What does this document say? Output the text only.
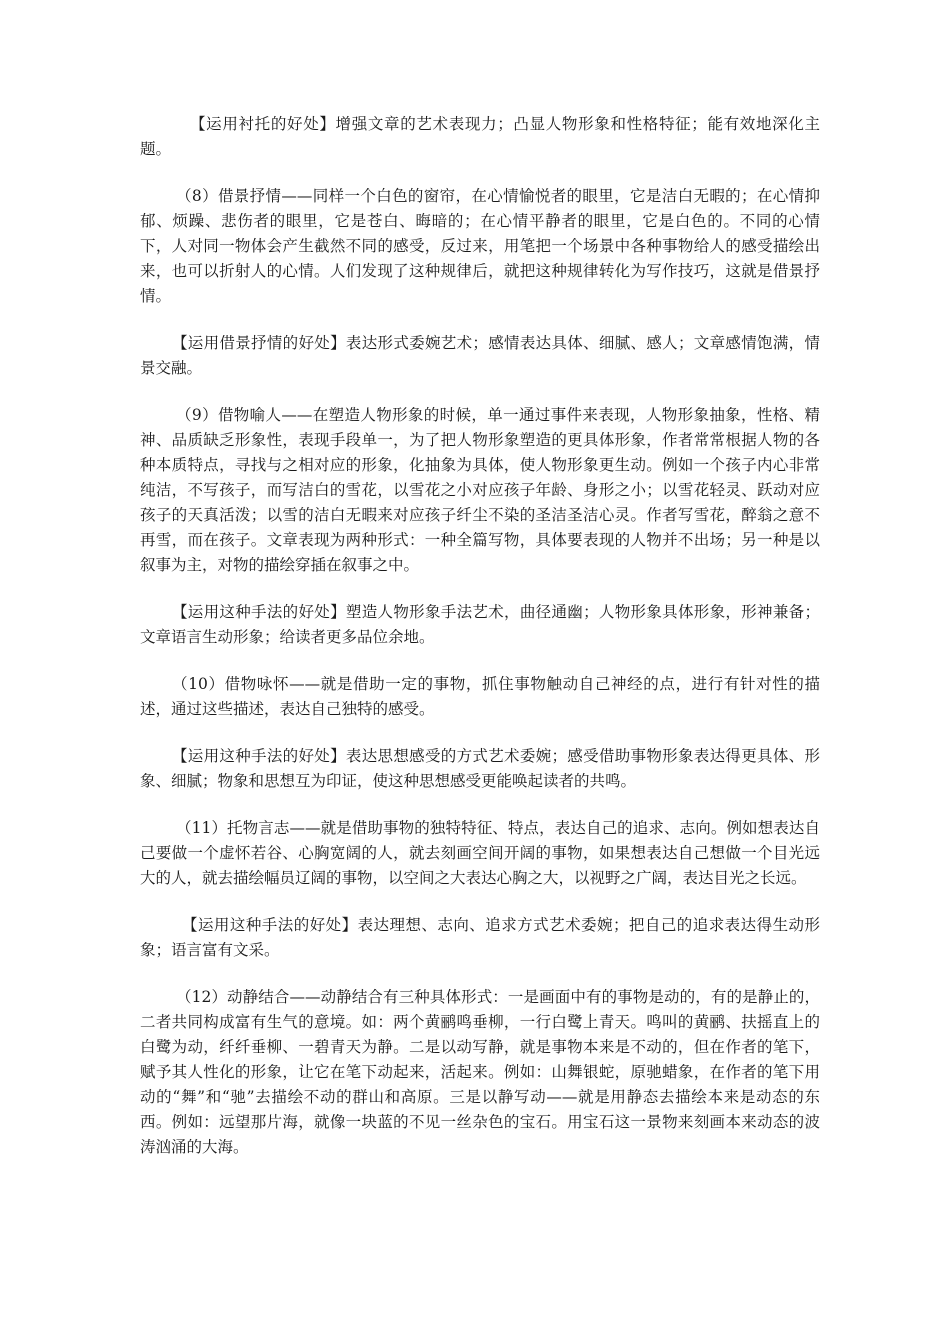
【运用衬托的好处】增强文章的艺术表现力；凸显人物形象和性格特征；能有效地深化主题。

（8）借景抒情——同样一个白色的窗帘，在心情愉悦者的眼里，它是洁白无暇的；在心情抑郁、烦躁、悲伤者的眼里，它是苍白、晦暗的；在心情平静者的眼里，它是白色的。不同的心情下，人对同一物体会产生截然不同的感受，反过来，用笔把一个场景中各种事物给人的感受描绘出来，也可以折射人的心情。人们发现了这种规律后，就把这种规律转化为写作技巧，这就是借景抒情。

【运用借景抒情的好处】表达形式委婉艺术；感情表达具体、细腻、感人；文章感情饱满，情景交融。

（9）借物喻人——在塑造人物形象的时候，单一通过事件来表现，人物形象抽象，性格、精神、品质缺乏形象性，表现手段单一，为了把人物形象塑造的更具体形象，作者常常根据人物的各种本质特点，寻找与之相对应的形象，化抽象为具体，使人物形象更生动。例如一个孩子内心非常纯洁，不写孩子，而写洁白的雪花，以雪花之小对应孩子年龄、身形之小；以雪花轻灵、跃动对应孩子的天真活泼；以雪的洁白无暇来对应孩子纤尘不染的圣洁圣洁心灵。作者写雪花，醉翁之意不再雪，而在孩子。文章表现为两种形式：一种全篇写物，具体要表现的人物并不出场；另一种是以叙事为主，对物的描绘穿插在叙事之中。

【运用这种手法的好处】塑造人物形象手法艺术，曲径通幽；人物形象具体形象，形神兼备；文章语言生动形象；给读者更多品位余地。

（10）借物咏怀——就是借助一定的事物，抓住事物触动自己神经的点，进行有针对性的描述，通过这些描述，表达自己独特的感受。

【运用这种手法的好处】表达思想感受的方式艺术委婉；感受借助事物形象表达得更具体、形象、细腻；物象和思想互为印证，使这种思想感受更能唤起读者的共鸣。

（11）托物言志——就是借助事物的独特特征、特点，表达自己的追求、志向。例如想表达自己要做一个虚怀若谷、心胸宽阔的人，就去刻画空间开阔的事物，如果想表达自己想做一个目光远大的人，就去描绘幅员辽阔的事物，以空间之大表达心胸之大，以视野之广阔，表达目光之长远。

【运用这种手法的好处】表达理想、志向、追求方式艺术委婉；把自己的追求表达得生动形象；语言富有文采。

（12）动静结合——动静结合有三种具体形式：一是画面中有的事物是动的，有的是静止的，二者共同构成富有生气的意境。如：两个黄鹂鸣垂柳，一行白鹭上青天。鸣叫的黄鹂、扶摇直上的白鹭为动，纤纤垂柳、一碧青天为静。二是以动写静，就是事物本来是不动的，但在作者的笔下，赋予其人性化的形象，让它在笔下动起来，活起来。例如：山舞银蛇，原驰蜡象，在作者的笔下用动的“舞”和“驰”去描绘不动的群山和高原。三是以静写动——就是用静态去描绘本来是动态的东西。例如：远望那片海，就像一块蓝的不见一丝杂色的宝石。用宝石这一景物来刻画本来动态的波涛汹涌的大海。
